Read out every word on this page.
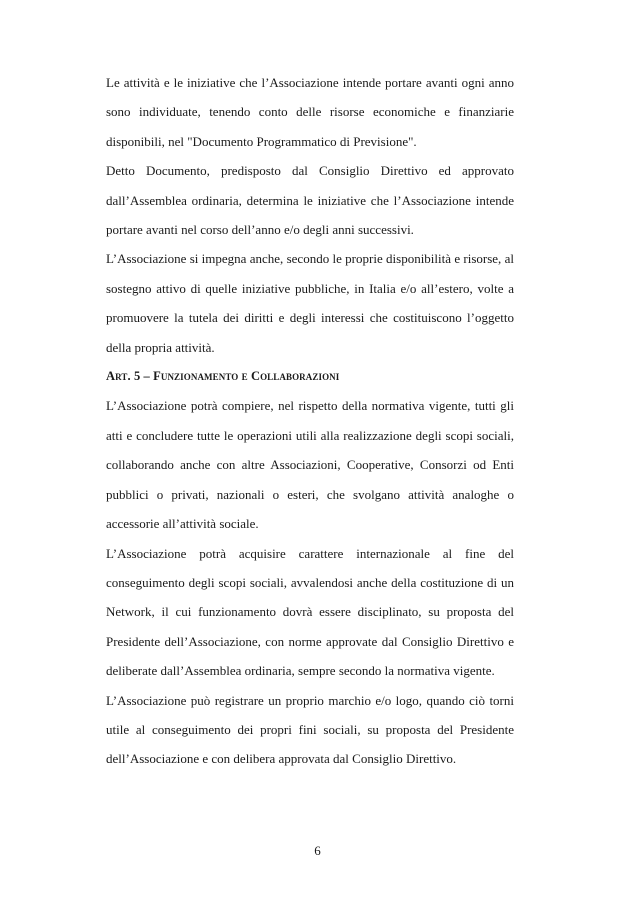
Le attività e le iniziative che l’Associazione intende portare avanti ogni anno sono individuate, tenendo conto delle risorse economiche e finanziarie disponibili, nel "Documento Programmatico di Previsione".

Detto Documento, predisposto dal Consiglio Direttivo ed approvato dall’Assemblea ordinaria, determina le iniziative che l’Associazione intende portare avanti nel corso dell’anno e/o degli anni successivi.

L’Associazione si impegna anche, secondo le proprie disponibilità e risorse, al sostegno attivo di quelle iniziative pubbliche, in Italia e/o all’estero, volte a promuovere la tutela dei diritti e degli interessi che costituiscono l’oggetto della propria attività.

Art. 5 – Funzionamento e Collaborazioni

L’Associazione potrà compiere, nel rispetto della normativa vigente, tutti gli atti e concludere tutte le operazioni utili alla realizzazione degli scopi sociali, collaborando anche con altre Associazioni, Cooperative, Consorzi od Enti pubblici o privati, nazionali o esteri, che svolgano attività analoghe o accessorie all’attività sociale.

L’Associazione potrà acquisire carattere internazionale al fine del conseguimento degli scopi sociali, avvalendosi anche della costituzione di un Network, il cui funzionamento dovrà essere disciplinato, su proposta del Presidente dell’Associazione, con norme approvate dal Consiglio Direttivo e deliberate dall’Assemblea ordinaria, sempre secondo la normativa vigente.

L’Associazione può registrare un proprio marchio e/o logo, quando ciò torni utile al conseguimento dei propri fini sociali, su proposta del Presidente dell’Associazione e con delibera approvata dal Consiglio Direttivo.

6
